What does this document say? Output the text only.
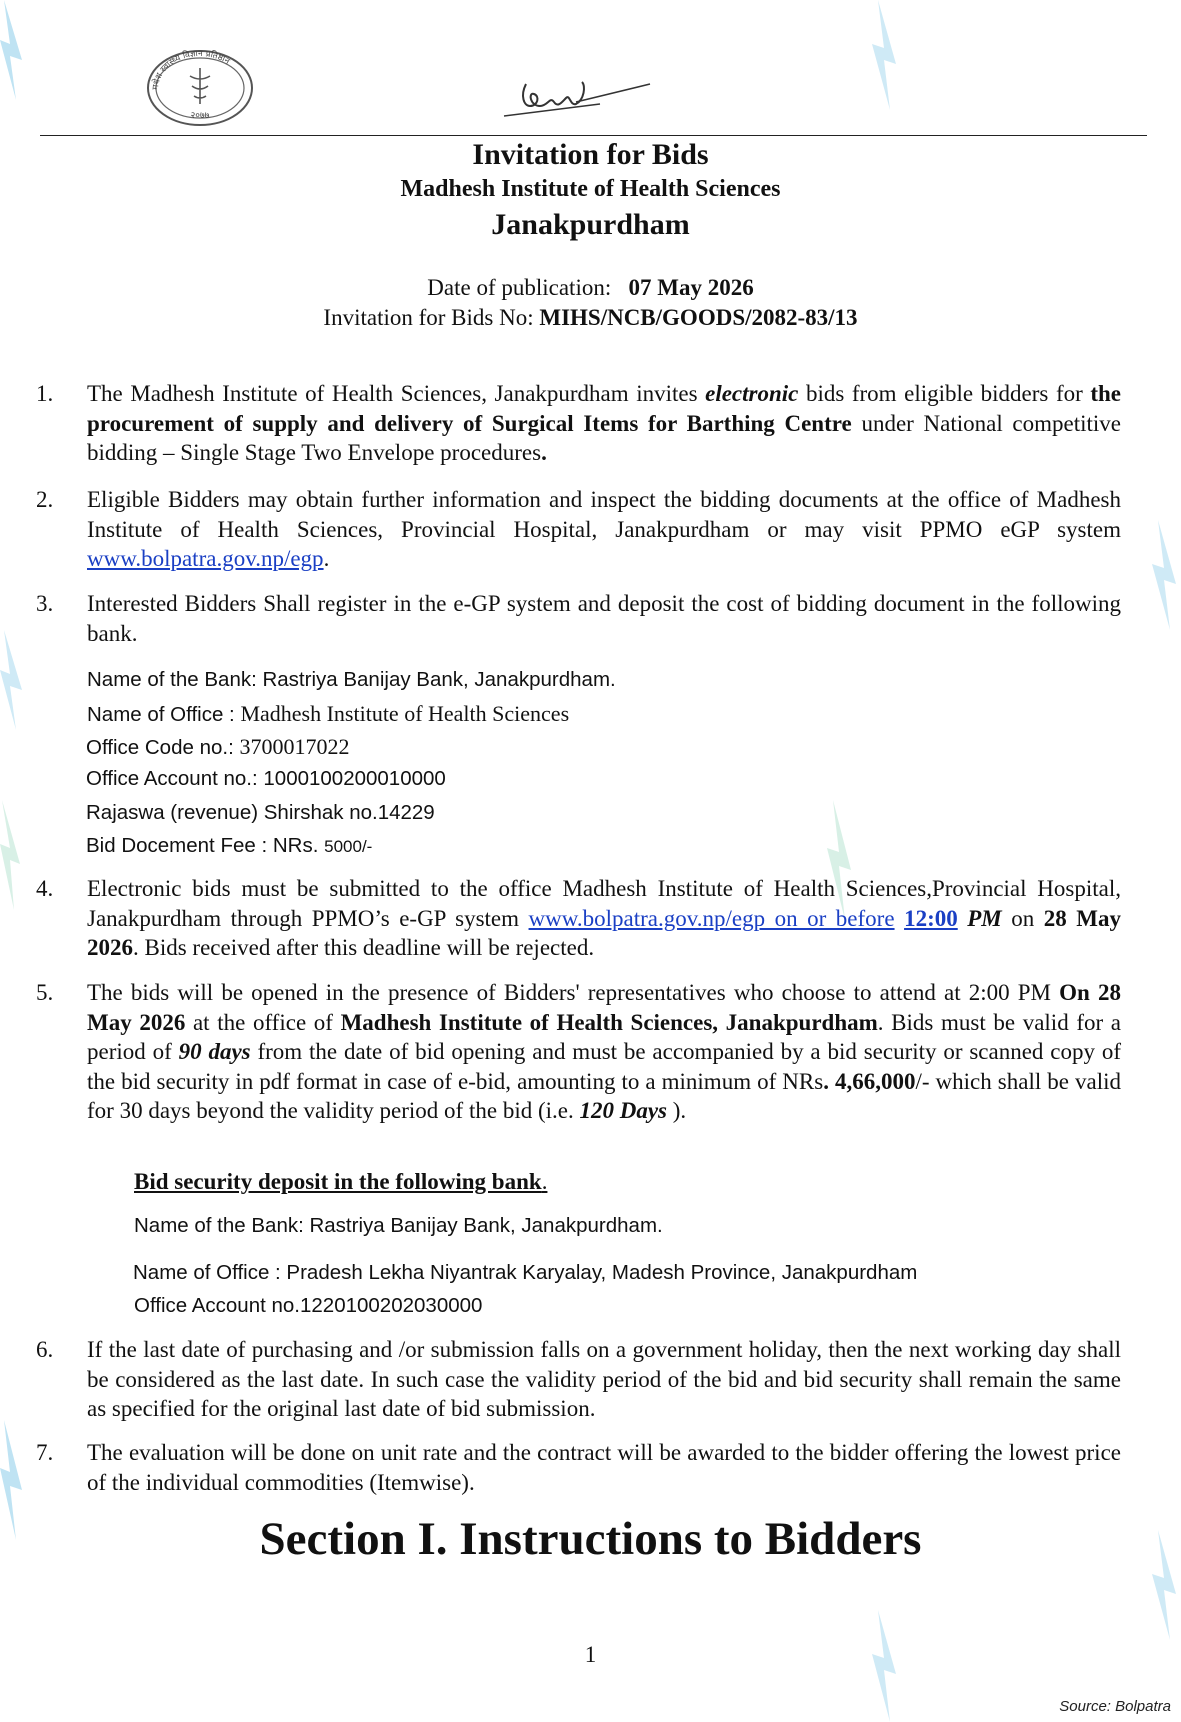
मधेश स्वास्थ्य विज्ञान प्रतिष्ठान
२०७७
Invitation for Bids
Madhesh Institute of Health Sciences
Janakpurdham
Date of publication: 07 May 2026
Invitation for Bids No: MIHS/NCB/GOODS/2082-83/13
1.	The Madhesh Institute of Health Sciences, Janakpurdham invites electronic bids from eligible bidders for the procurement of supply and delivery of Surgical Items for Barthing Centre under National competitive bidding – Single Stage Two Envelope procedures.
2.	Eligible Bidders may obtain further information and inspect the bidding documents at the office of Madhesh Institute of Health Sciences, Provincial Hospital, Janakpurdham or may visit PPMO eGP system www.bolpatra.gov.np/egp.
3.	Interested Bidders Shall register in the e-GP system and deposit the cost of bidding document in the following bank.
Name of the Bank: Rastriya Banijay Bank, Janakpurdham.
Name of Office : Madhesh Institute of Health Sciences
Office Code no.: 3700017022
Office Account no.: 1000100200010000
Rajaswa (revenue) Shirshak no.14229
Bid Docement Fee : NRs. 5000/-
4.	Electronic bids must be submitted to the office Madhesh Institute of Health Sciences,Provincial Hospital, Janakpurdham through PPMO’s e-GP system www.bolpatra.gov.np/egp on or before 12:00 PM on 28 May 2026. Bids received after this deadline will be rejected.
5.	The bids will be opened in the presence of Bidders' representatives who choose to attend at 2:00 PM On 28 May 2026 at the office of Madhesh Institute of Health Sciences, Janakpurdham. Bids must be valid for a period of 90 days from the date of bid opening and must be accompanied by a bid security or scanned copy of the bid security in pdf format in case of e-bid, amounting to a minimum of NRs. 4,66,000/- which shall be valid for 30 days beyond the validity period of the bid (i.e. 120 Days ).
Bid security deposit in the following bank.
Name of the Bank: Rastriya Banijay Bank, Janakpurdham.
Name of Office : Pradesh Lekha Niyantrak Karyalay, Madesh Province, Janakpurdham
Office Account no.1220100202030000
6.	If the last date of purchasing and /or submission falls on a government holiday, then the next working day shall be considered as the last date. In such case the validity period of the bid and bid security shall remain the same as specified for the original last date of bid submission.
7.	The evaluation will be done on unit rate and the contract will be awarded to the bidder offering the lowest price of the individual commodities (Itemwise).
Section I. Instructions to Bidders
1
Source: Bolpatra
